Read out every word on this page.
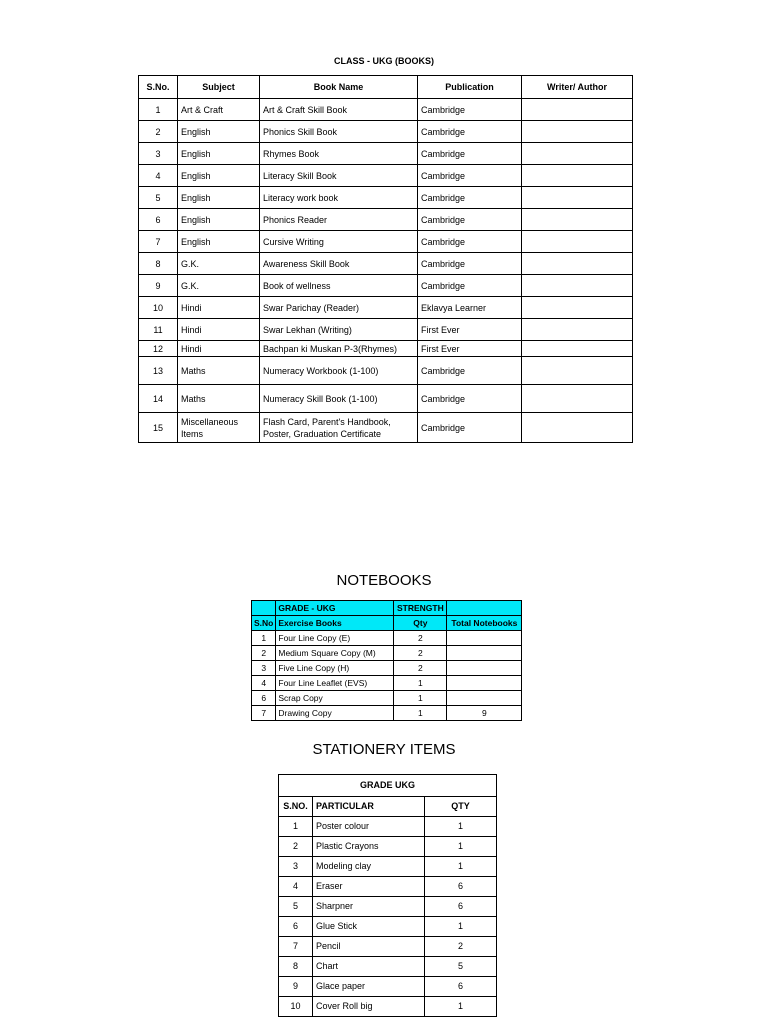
CLASS - UKG (BOOKS)
S.No.	Subject	Book Name	Publication	Writer/ Author
1	Art & Craft	Art & Craft Skill Book	Cambridge	
2	English	Phonics Skill Book	Cambridge	
3	English	Rhymes Book	Cambridge	
4	English	Literacy Skill Book	Cambridge	
5	English	Literacy work book	Cambridge	
6	English	Phonics Reader	Cambridge	
7	English	Cursive Writing	Cambridge	
8	G.K.	Awareness Skill Book	Cambridge	
9	G.K.	Book of wellness	Cambridge	
10	Hindi	Swar Parichay (Reader)	Eklavya Learner	
11	Hindi	Swar Lekhan (Writing)	First Ever	
12	Hindi	Bachpan ki Muskan P-3(Rhymes)	First Ever	
13	Maths	Numeracy Workbook (1-100)	Cambridge	
14	Maths	Numeracy Skill Book (1-100)	Cambridge	
15	Miscellaneous Items	Flash Card, Parent's Handbook, Poster, Graduation Certificate	Cambridge	
NOTEBOOKS
	GRADE - UKG	STRENGTH	
S.No	Exercise Books	Qty	Total Notebooks
1	Four Line Copy (E)	2	
2	Medium Square Copy (M)	2	
3	Five Line Copy (H)	2	
4	Four Line Leaflet (EVS)	1	
6	Scrap Copy	1	
7	Drawing Copy	1	9
STATIONERY ITEMS
GRADE UKG		
S.NO.	PARTICULAR	QTY
1	Poster colour	1
2	Plastic Crayons	1
3	Modeling clay	1
4	Eraser	6
5	Sharpner	6
6	Glue Stick	1
7	Pencil	2
8	Chart	5
9	Glace paper	6
10	Cover Roll big	1
